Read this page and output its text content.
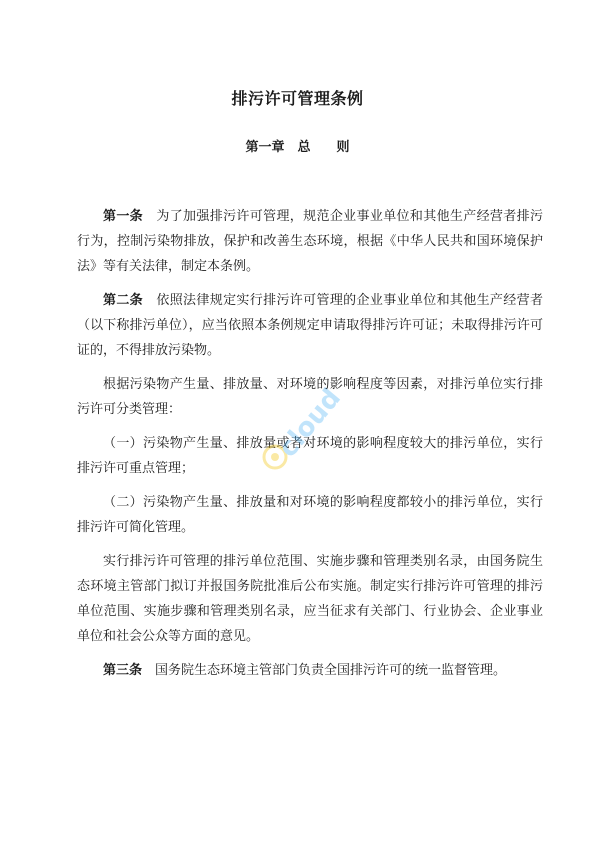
排污许可管理条例
第一章　总　　则

第一条　 为了加强排污许可管理，规范企业事业单位和其他生产经营者排污行为，控制污染物排放，保护和改善生态环境，根据《中华人民共和国环境保护法》等有关法律，制定本条例。

第二条　 依照法律规定实行排污许可管理的企业事业单位和其他生产经营者（以下称排污单位），应当依照本条例规定申请取得排污许可证；未取得排污许可证的，不得排放污染物。

根据污染物产生量、排放量、对环境的影响程度等因素，对排污单位实行排污许可分类管理：

（一）污染物产生量、排放量或者对环境的影响程度较大的排污单位，实行排污许可重点管理；

（二）污染物产生量、排放量和对环境的影响程度都较小的排污单位，实行排污许可简化管理。

实行排污许可管理的排污单位范围、实施步骤和管理类别名录，由国务院生态环境主管部门拟订并报国务院批准后公布实施。制定实行排污许可管理的排污单位范围、实施步骤和管理类别名录，应当征求有关部门、行业协会、企业事业单位和社会公众等方面的意见。

第三条　 国务院生态环境主管部门负责全国排污许可的统一监督管理。

cloud
